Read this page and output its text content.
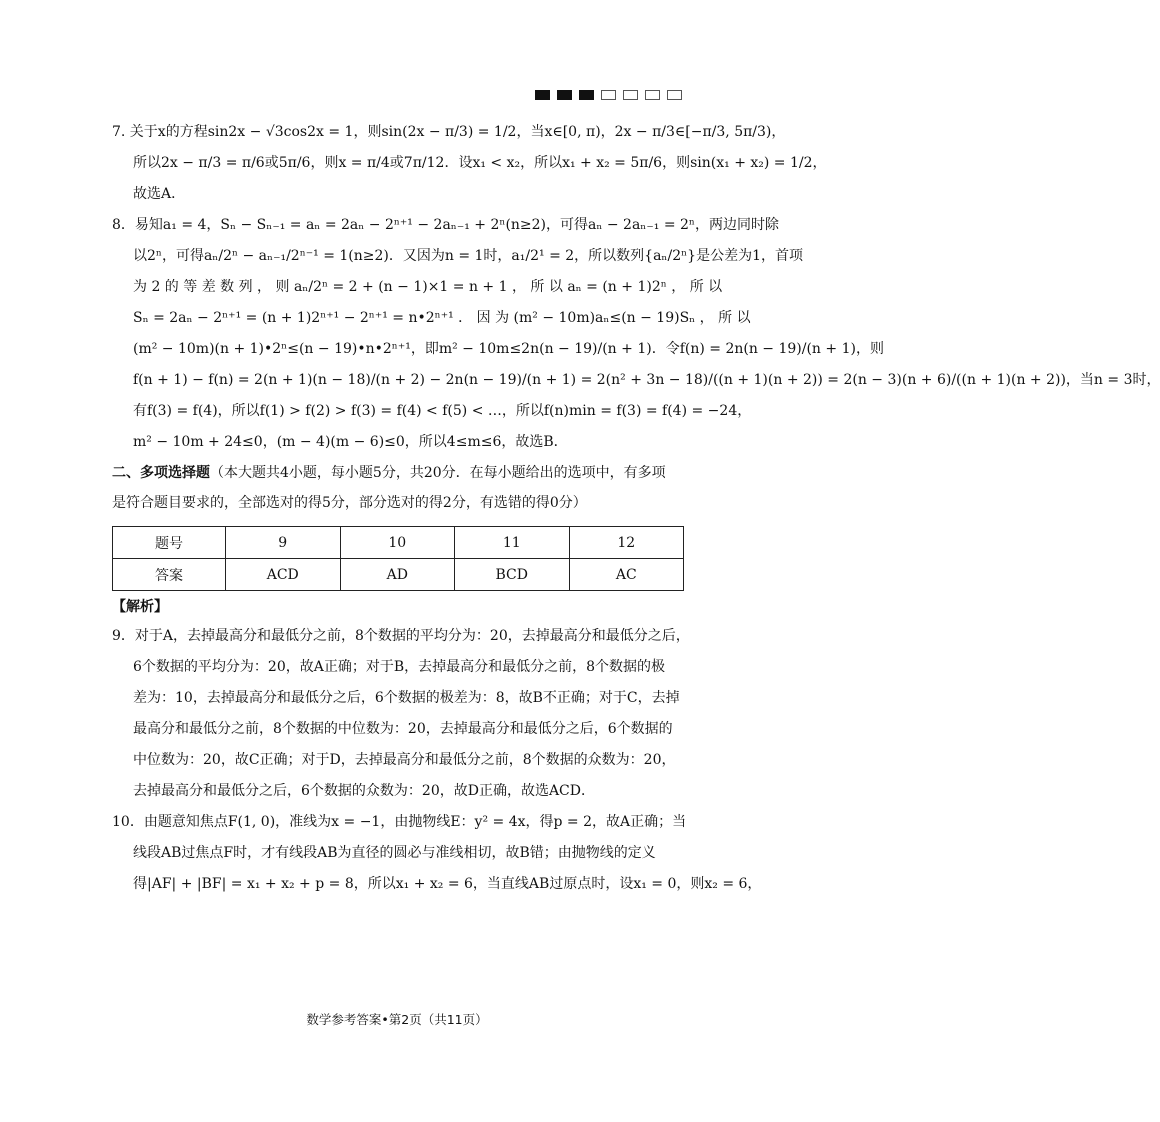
7. 关于x的方程sin2x − √3cos2x = 1，则sin(2x − π/3) = 1/2，当x∈[0, π)，2x − π/3∈[−π/3, 5π/3)，
所以2x − π/3 = π/6或5π/6，则x = π/4或7π/12．设x₁ < x₂，所以x₁ + x₂ = 5π/6，则sin(x₁ + x₂) = 1/2，
故选A．
8．易知a₁ = 4，Sₙ − Sₙ₋₁ = aₙ = 2aₙ − 2ⁿ⁺¹ − 2aₙ₋₁ + 2ⁿ(n≥2)，可得aₙ − 2aₙ₋₁ = 2ⁿ，两边同时除
以2ⁿ，可得aₙ/2ⁿ − aₙ₋₁/2ⁿ⁻¹ = 1(n≥2)．又因为n = 1时，a₁/2¹ = 2，所以数列{aₙ/2ⁿ}是公差为1，首项
为 2 的 等 差 数 列 ， 则 aₙ/2ⁿ = 2 + (n − 1)×1 = n + 1 ， 所 以 aₙ = (n + 1)2ⁿ ， 所 以
Sₙ = 2aₙ − 2ⁿ⁺¹ = (n + 1)2ⁿ⁺¹ − 2ⁿ⁺¹ = n•2ⁿ⁺¹ ． 因 为 (m² − 10m)aₙ≤(n − 19)Sₙ ， 所 以
(m² − 10m)(n + 1)•2ⁿ≤(n − 19)•n•2ⁿ⁺¹，即m² − 10m≤2n(n − 19)/(n + 1)．令f(n) = 2n(n − 19)/(n + 1)，则
f(n + 1) − f(n) = 2(n + 1)(n − 18)/(n + 2) − 2n(n − 19)/(n + 1) = 2(n² + 3n − 18)/((n + 1)(n + 2)) = 2(n − 3)(n + 6)/((n + 1)(n + 2))，当n = 3时，
有f(3) = f(4)，所以f(1) > f(2) > f(3) = f(4) < f(5) < …，所以f(n)min = f(3) = f(4) = −24，
m² − 10m + 24≤0，(m − 4)(m − 6)≤0，所以4≤m≤6，故选B．
二、多项选择题（本大题共4小题，每小题5分，共20分．在每小题给出的选项中，有多项
是符合题目要求的，全部选对的得5分，部分选对的得2分，有选错的得0分）
题号	9	10	11	12
答案	ACD	AD	BCD	AC
【解析】
9．对于A，去掉最高分和最低分之前，8个数据的平均分为：20，去掉最高分和最低分之后，
6个数据的平均分为：20，故A正确；对于B，去掉最高分和最低分之前，8个数据的极
差为：10，去掉最高分和最低分之后，6个数据的极差为：8，故B不正确；对于C，去掉
最高分和最低分之前，8个数据的中位数为：20，去掉最高分和最低分之后，6个数据的
中位数为：20，故C正确；对于D，去掉最高分和最低分之前，8个数据的众数为：20，
去掉最高分和最低分之后，6个数据的众数为：20，故D正确，故选ACD．
10．由题意知焦点F(1, 0)，准线为x = −1，由抛物线E：y² = 4x，得p = 2，故A正确；当
线段AB过焦点F时，才有线段AB为直径的圆必与准线相切，故B错；由抛物线的定义
得|AF| + |BF| = x₁ + x₂ + p = 8，所以x₁ + x₂ = 6，当直线AB过原点时，设x₁ = 0，则x₂ = 6，
数学参考答案•第2页（共11页）
